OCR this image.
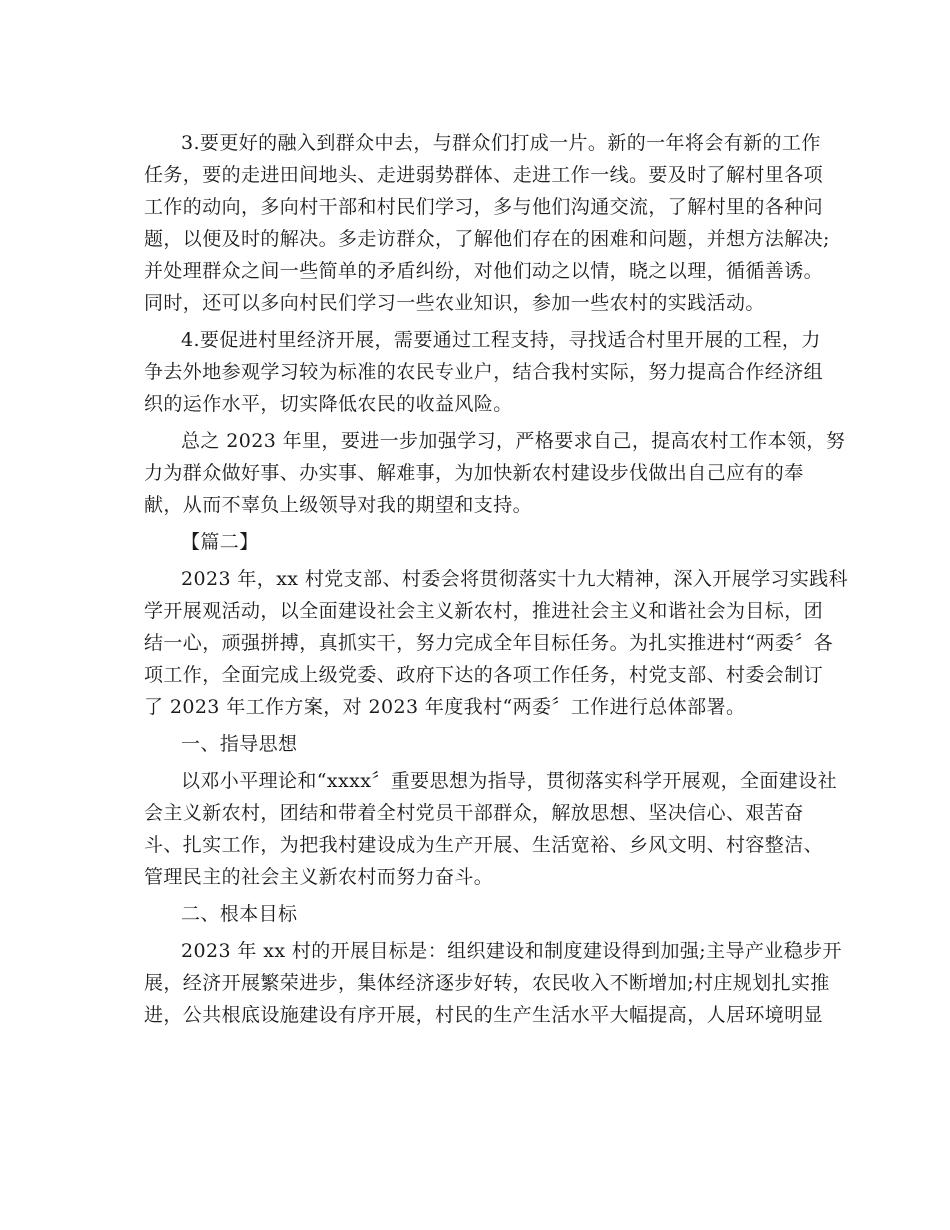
3.要更好的融入到群众中去，与群众们打成一片。新的一年将会有新的工作
任务，要的走进田间地头、走进弱势群体、走进工作一线。要及时了解村里各项
工作的动向，多向村干部和村民们学习，多与他们沟通交流，了解村里的各种问
题，以便及时的解决。多走访群众，了解他们存在的困难和问题，并想方法解决;
并处理群众之间一些简单的矛盾纠纷，对他们动之以情，晓之以理，循循善诱。
同时，还可以多向村民们学习一些农业知识，参加一些农村的实践活动。

4.要促进村里经济开展，需要通过工程支持，寻找适合村里开展的工程，力
争去外地参观学习较为标准的农民专业户，结合我村实际，努力提高合作经济组
织的运作水平，切实降低农民的收益风险。

总之 2023 年里，要进一步加强学习，严格要求自己，提高农村工作本领，努
力为群众做好事、办实事、解难事，为加快新农村建设步伐做出自己应有的奉
献，从而不辜负上级领导对我的期望和支持。

【篇二】

2023 年，xx 村党支部、村委会将贯彻落实十九大精神，深入开展学习实践科
学开展观活动，以全面建设社会主义新农村，推进社会主义和谐社会为目标，团
结一心，顽强拼搏，真抓实干，努力完成全年目标任务。为扎实推进村“两委〞各
项工作，全面完成上级党委、政府下达的各项工作任务，村党支部、村委会制订
了 2023 年工作方案，对 2023 年度我村“两委〞工作进行总体部署。

一、指导思想

以邓小平理论和“xxxx〞重要思想为指导，贯彻落实科学开展观，全面建设社
会主义新农村，团结和带着全村党员干部群众，解放思想、坚决信心、艰苦奋
斗、扎实工作，为把我村建设成为生产开展、生活宽裕、乡风文明、村容整洁、
管理民主的社会主义新农村而努力奋斗。

二、根本目标

2023 年 xx 村的开展目标是：组织建设和制度建设得到加强;主导产业稳步开
展，经济开展繁荣进步，集体经济逐步好转，农民收入不断增加;村庄规划扎实推
进，公共根底设施建设有序开展，村民的生产生活水平大幅提高，人居环境明显
